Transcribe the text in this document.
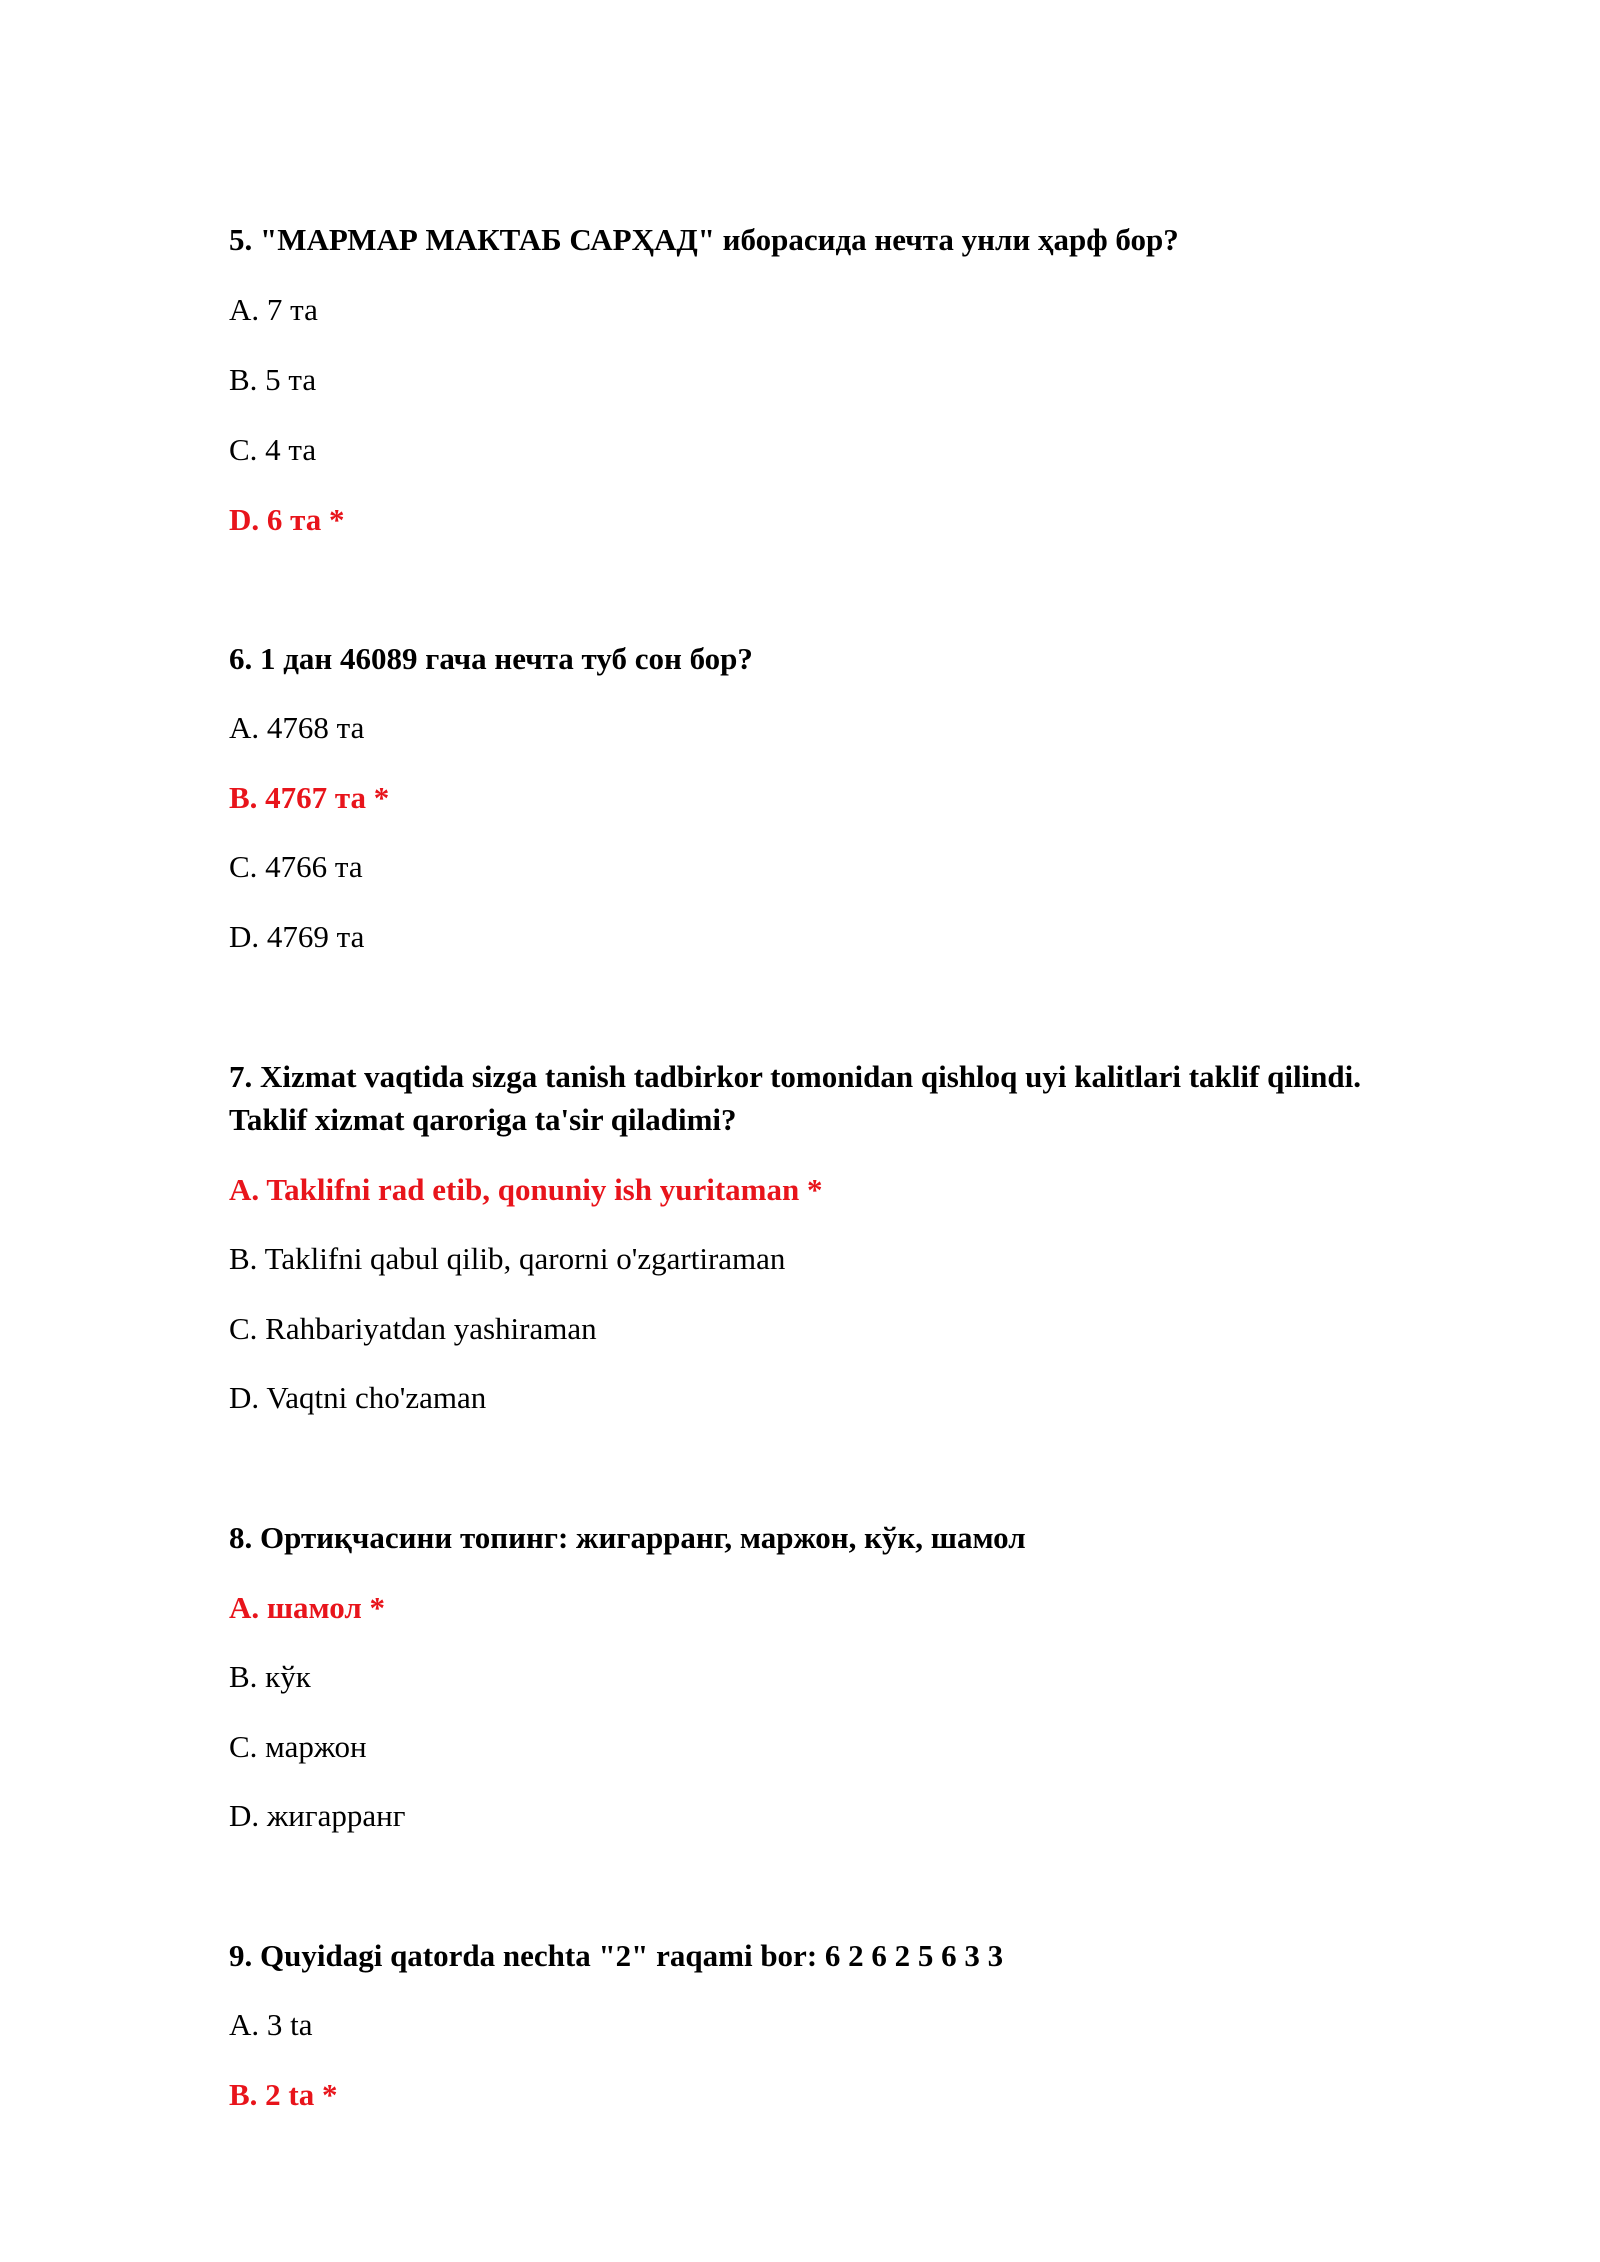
5. "МАРМАР МАКТАБ САРҲАД" иборасида нечта унли ҳарф бор?

A. 7 та

B. 5 та

C. 4 та

D. 6 та *

6. 1 дан 46089 гача нечта туб сон бор?

A. 4768 та

B. 4767 та *

C. 4766 та

D. 4769 та

7. Xizmat vaqtida sizga tanish tadbirkor tomonidan qishloq uyi kalitlari taklif qilindi.

Taklif xizmat qaroriga ta'sir qiladimi?

A. Taklifni rad etib, qonuniy ish yuritaman *

B. Taklifni qabul qilib, qarorni o'zgartiraman

C. Rahbariyatdan yashiraman

D. Vaqtni cho'zaman

8. Ортиқчасини топинг: жигарранг, маржон, кўк, шамол

A. шамол *

B. кўк

C. маржон

D. жигарранг

9. Quyidagi qatorda nechta "2" raqami bor: 6 2 6 2 5 6 3 3

A. 3 ta

B. 2 ta *
